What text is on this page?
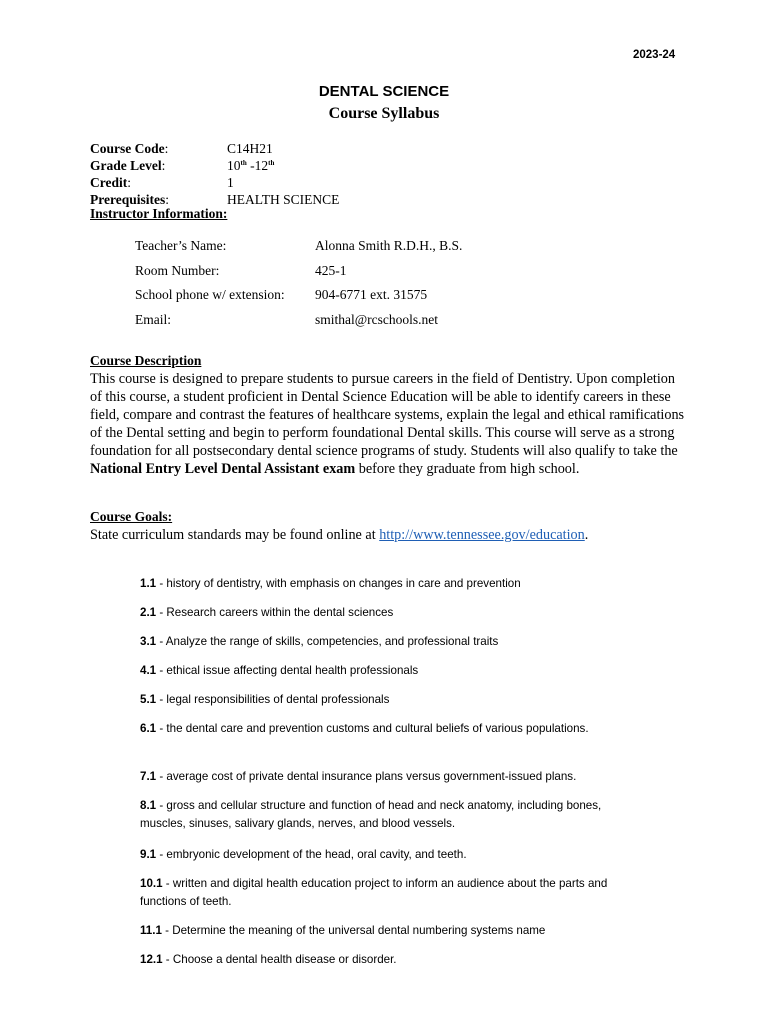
2023-24
DENTAL SCIENCE
Course Syllabus
Course Code:	C14H21
Grade Level:	10th -12th
Credit:	1
Prerequisites:	HEALTH SCIENCE
Instructor Information:
Teacher’s Name:	Alonna Smith R.D.H., B.S.
Room Number:	425-1
School phone w/ extension:	904-6771 ext. 31575
Email:	smithal@rcschools.net
Course Description

This course is designed to prepare students to pursue careers in the field of Dentistry. Upon completion of this course, a student proficient in Dental Science Education will be able to identify careers in these field, compare and contrast the features of healthcare systems, explain the legal and ethical ramifications of the Dental setting and begin to perform foundational Dental skills. This course will serve as a strong foundation for all postsecondary dental science programs of study. Students will also qualify to take the National Entry Level Dental Assistant exam before they graduate from high school.

Course Goals:
State curriculum standards may be found online at http://www.tennessee.gov/education.
1.1 - history of dentistry, with emphasis on changes in care and prevention
2.1 - Research careers within the dental sciences
3.1 - Analyze the range of skills, competencies, and professional traits
4.1 - ethical issue affecting dental health professionals
5.1 - legal responsibilities of dental professionals
6.1 - the dental care and prevention customs and cultural beliefs of various populations.
7.1 - average cost of private dental insurance plans versus government-issued plans.
8.1 - gross and cellular structure and function of head and neck anatomy, including bones, muscles, sinuses, salivary glands, nerves, and blood vessels.
9.1 - embryonic development of the head, oral cavity, and teeth.
10.1 - written and digital health education project to inform an audience about the parts and functions of teeth.
11.1 - Determine the meaning of the universal dental numbering systems name
12.1 - Choose a dental health disease or disorder.
